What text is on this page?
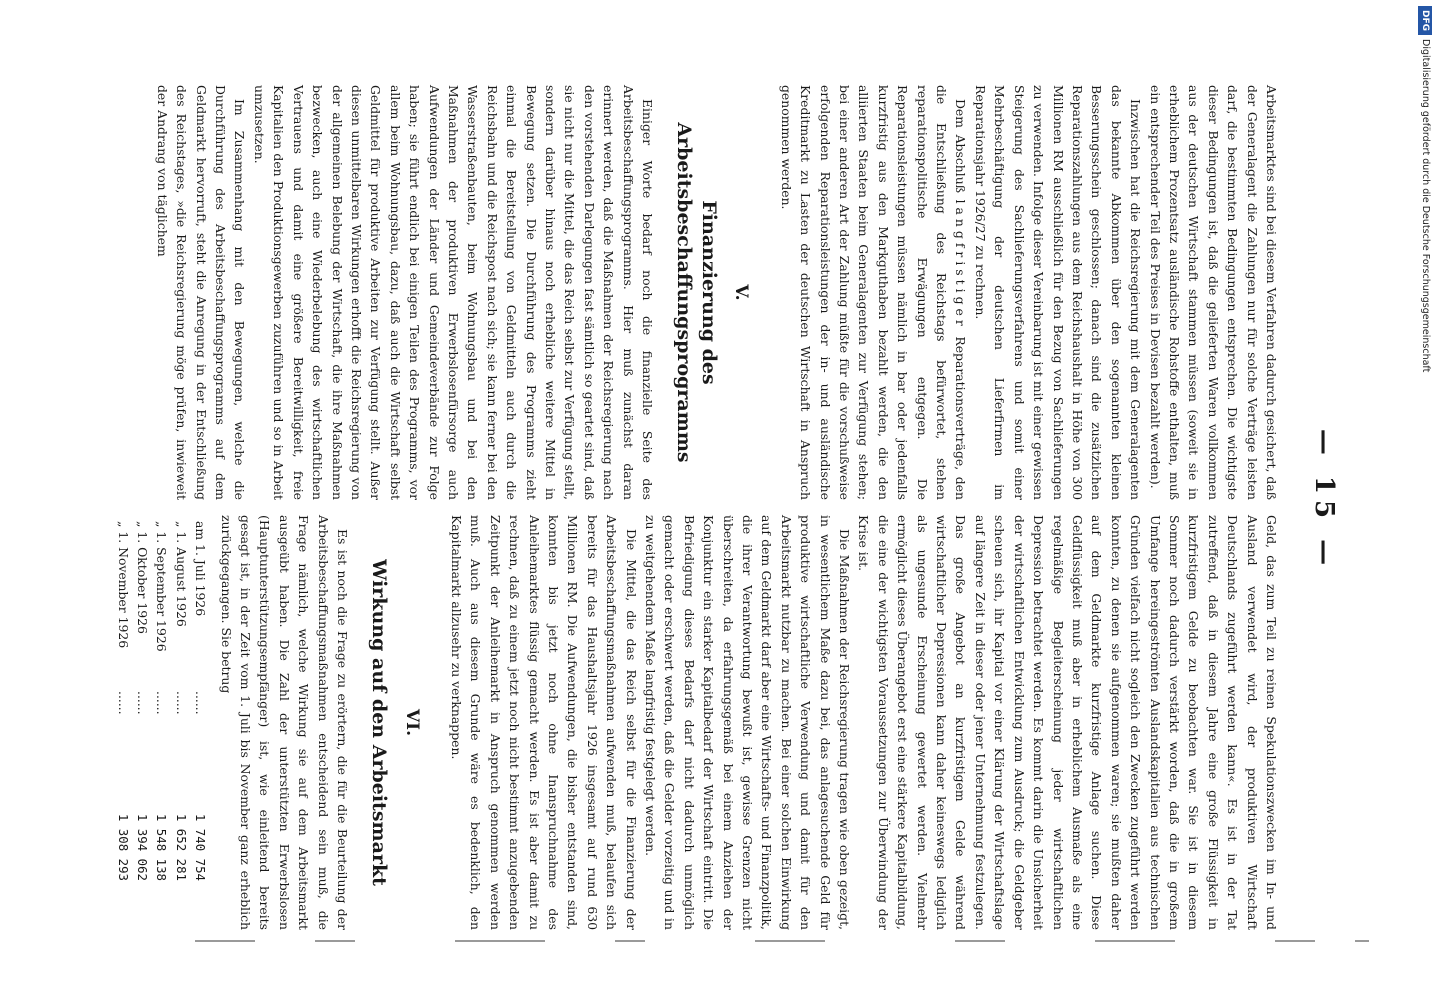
— 15 —

Arbeitsmarktes sind bei diesem Verfahren dadurch gesichert, daß der Generalagent die Zahlungen nur für solche Verträge leisten darf, die bestimmten Bedingungen entsprechen. Die wichtigste dieser Bedingungen ist, daß die gelieferten Waren vollkommen aus der deutschen Wirtschaft stammen müssen (soweit sie in erheblichem Prozentsatz ausländische Rohstoffe enthalten, muß ein entsprechender Teil des Preises in Devisen bezahlt werden).

Inzwischen hat die Reichsregierung mit dem Generalagenten das bekannte Abkommen über den sogenannten kleinen Besserungsschein geschlossen; danach sind die zusätzlichen Reparationszahlungen aus dem Reichshaushalt in Höhe von 300 Millionen RM ausschließlich für den Bezug von Sachlieferungen zu verwenden. Infolge dieser Vereinbarung ist mit einer gewissen Steigerung des Sachlieferungsverfahrens und somit einer Mehrbeschäftigung der deutschen Lieferfirmen im Reparationsjahr 1926/27 zu rechnen.

Dem Abschluß langfristiger Reparationsverträge, den die Entschließung des Reichstags befürwortet, stehen reparationspolitische Erwägungen entgegen. Die Reparationsleistungen müssen nämlich in bar oder jedenfalls kurzfristig aus den Markguthaben bezahlt werden, die den alliierten Staaten beim Generalagenten zur Verfügung stehen; bei einer anderen Art der Zahlung müßte für die vorschußweise erfolgenden Reparationsleistungen der in- und ausländische Kreditmarkt zu Lasten der deutschen Wirtschaft in Anspruch genommen werden.

V.
Finanzierung des Arbeitsbeschaffungsprogramms

Einiger Worte bedarf noch die finanzielle Seite des Arbeitsbeschaffungsprogramms. Hier muß zunächst daran erinnert werden, daß die Maßnahmen der Reichsregierung nach den vorstehenden Darlegungen fast sämtlich so geartet sind, daß sie nicht nur die Mittel, die das Reich selbst zur Verfügung stellt, sondern darüber hinaus noch erhebliche weitere Mittel in Bewegung setzen. Die Durchführung des Programms zieht einmal die Bereitstellung von Geldmitteln auch durch die Reichsbahn und die Reichspost nach sich; sie kann ferner bei den Wasserstraßenbauten, beim Wohnungsbau und bei den Maßnahmen der produktiven Erwerbslosenfürsorge auch Aufwendungen der Länder und Gemeindeverbände zur Folge haben; sie führt endlich bei einigen Teilen des Programms, vor allem beim Wohnungsbau, dazu, daß auch die Wirtschaft selbst Geldmittel für produktive Arbeiten zur Verfügung stellt. Außer diesen unmittelbaren Wirkungen erhofft die Reichsregierung von der allgemeinen Belebung der Wirtschaft, die ihre Maßnahmen bezwecken, auch eine Wiederbelebung des wirtschaftlichen Vertrauens und damit eine größere Bereitwilligkeit, freie Kapitalien den Produktionsgewerben zuzuführen und so in Arbeit umzusetzen.

Im Zusammenhang mit den Bewegungen, welche die Durchführung des Arbeitsbeschaffungsprogramms auf dem Geldmarkt hervorruft, steht die Anregung in der Entschließung des Reichstages, »die Reichsregierung möge prüfen, inwieweit der Andrang von täglichem

Geld, das zum Teil zu reinen Spekulationszwecken im In- und Ausland verwendet wird, der produktiven Wirtschaft Deutschlands zugeführt werden kann«. Es ist in der Tat zutreffend, daß in diesem Jahre eine große Flüssigkeit in kurzfristigem Gelde zu beobachten war. Sie ist in diesem Sommer noch dadurch verstärkt worden, daß die in großem Umfange hereingeströmten Auslandskapitalien aus technischen Gründen vielfach nicht sogleich den Zwecken zugeführt werden konnten, zu denen sie aufgenommen waren; sie mußten daher auf dem Geldmarkte kurzfristige Anlage suchen. Diese Geldflüssigkeit muß aber in erheblichem Ausmaße als eine regelmäßige Begleiterscheinung jeder wirtschaftlichen Depression betrachtet werden. Es kommt darin die Unsicherheit der wirtschaftlichen Entwicklung zum Ausdruck; die Geldgeber scheuen sich, ihr Kapital vor einer Klärung der Wirtschaftslage auf längere Zeit in dieser oder jener Unternehmung festzulegen. Das große Angebot an kurzfristigem Gelde während wirtschaftlicher Depressionen kann daher keineswegs lediglich als ungesunde Erscheinung gewertet werden. Vielmehr ermöglicht dieses Überangebot erst eine stärkere Kapitalbildung, die eine der wichtigsten Voraussetzungen zur Überwindung der Krise ist.

Die Maßnahmen der Reichsregierung tragen wie oben gezeigt, in wesentlichem Maße dazu bei, das anlagesuchende Geld für produktive wirtschaftliche Verwendung und damit für den Arbeitsmarkt nutzbar zu machen. Bei einer solchen Einwirkung auf dem Geldmarkt darf aber eine Wirtschafts- und Finanzpolitik, die ihrer Verantwortung bewußt ist, gewisse Grenzen nicht überschreiten, da erfahrungsgemäß bei einem Anziehen der Konjunktur ein starker Kapitalbedarf der Wirtschaft eintritt. Die Befriedigung dieses Bedarfs darf nicht dadurch unmöglich gemacht oder erschwert werden, daß die Gelder vorzeitig und in zu weitgehendem Maße langfristig festgelegt werden.

Die Mittel, die das Reich selbst für die Finanzierung der Arbeitsbeschaffungsmaßnahmen aufwenden muß, belaufen sich bereits für das Haushaltsjahr 1926 insgesamt auf rund 630 Millionen RM. Die Aufwendungen, die bisher entstanden sind, konnten bis jetzt noch ohne Inanspruchnahme des Anleihemarktes flüssig gemacht werden. Es ist aber damit zu rechnen, daß zu einem jetzt noch nicht bestimmt anzugebenden Zeitpunkt der Anleihemarkt in Anspruch genommen werden muß. Auch aus diesem Grunde wäre es bedenklich, den Kapitalmarkt allzusehr zu verknappen.

VI.
Wirkung auf den Arbeitsmarkt

Es ist noch die Frage zu erörtern, die für die Beurteilung der Arbeitsbeschaffungsmaßnahmen entscheidend sein muß, die Frage nämlich, welche Wirkung sie auf dem Arbeitsmarkt ausgeübt haben. Die Zahl der unterstützten Erwerbslosen (Hauptunterstützungsempfänger) ist, wie einleitend bereits gesagt ist, in der Zeit vom 1. Juli bis November ganz erheblich zurückgegangen. Sie betrug

am 1. Juli 1926
......
1 740 754
„ 1. August 1926
......
1 652 281
„ 1. September 1926
......
1 548 138
„ 1. Oktober 1926
......
1 394 062
„ 1. November 1926
......
1 308 293
DFGDigitalisierung gefördert durch die Deutsche Forschungsgemeinschaft
